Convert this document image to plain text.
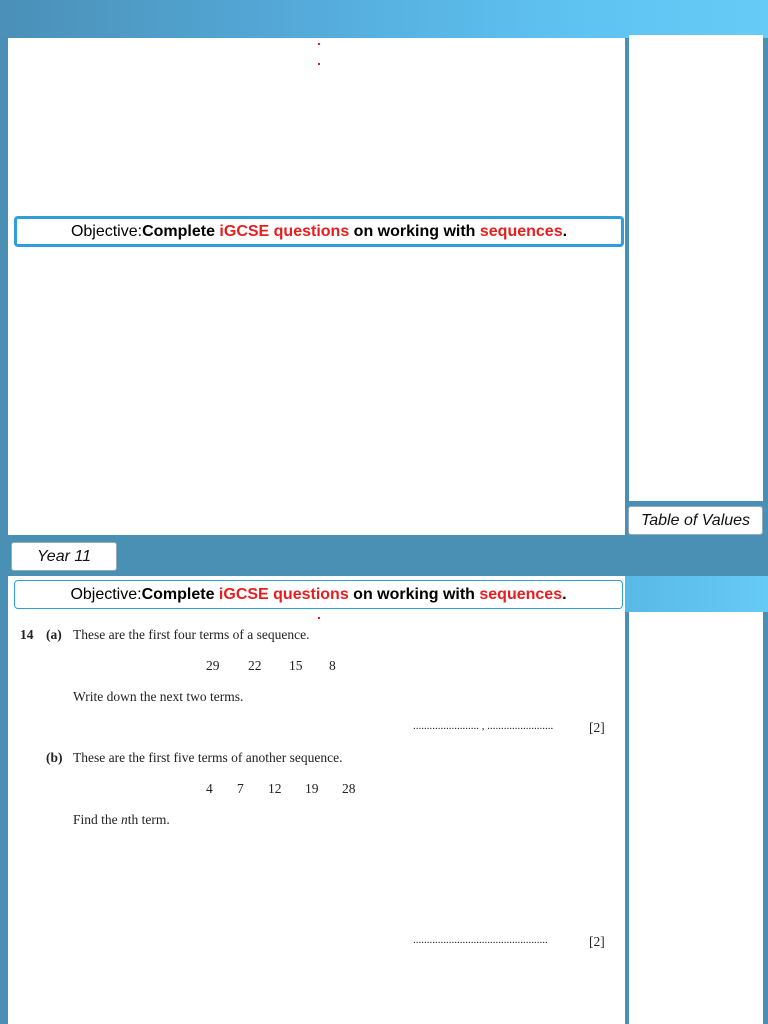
Objective: Complete iGCSE questions on working with sequences .
Table of Values
Year 11
Objective: Complete iGCSE questions on working with sequences .
14 (a) These are the first four terms of a sequence.
29 22 15 8
Write down the next two terms.
........................ , ........................	[2]
(b) These are the first five terms of another sequence.
4 7 12 19 28
Find the nth term.
.................................................	[2]
